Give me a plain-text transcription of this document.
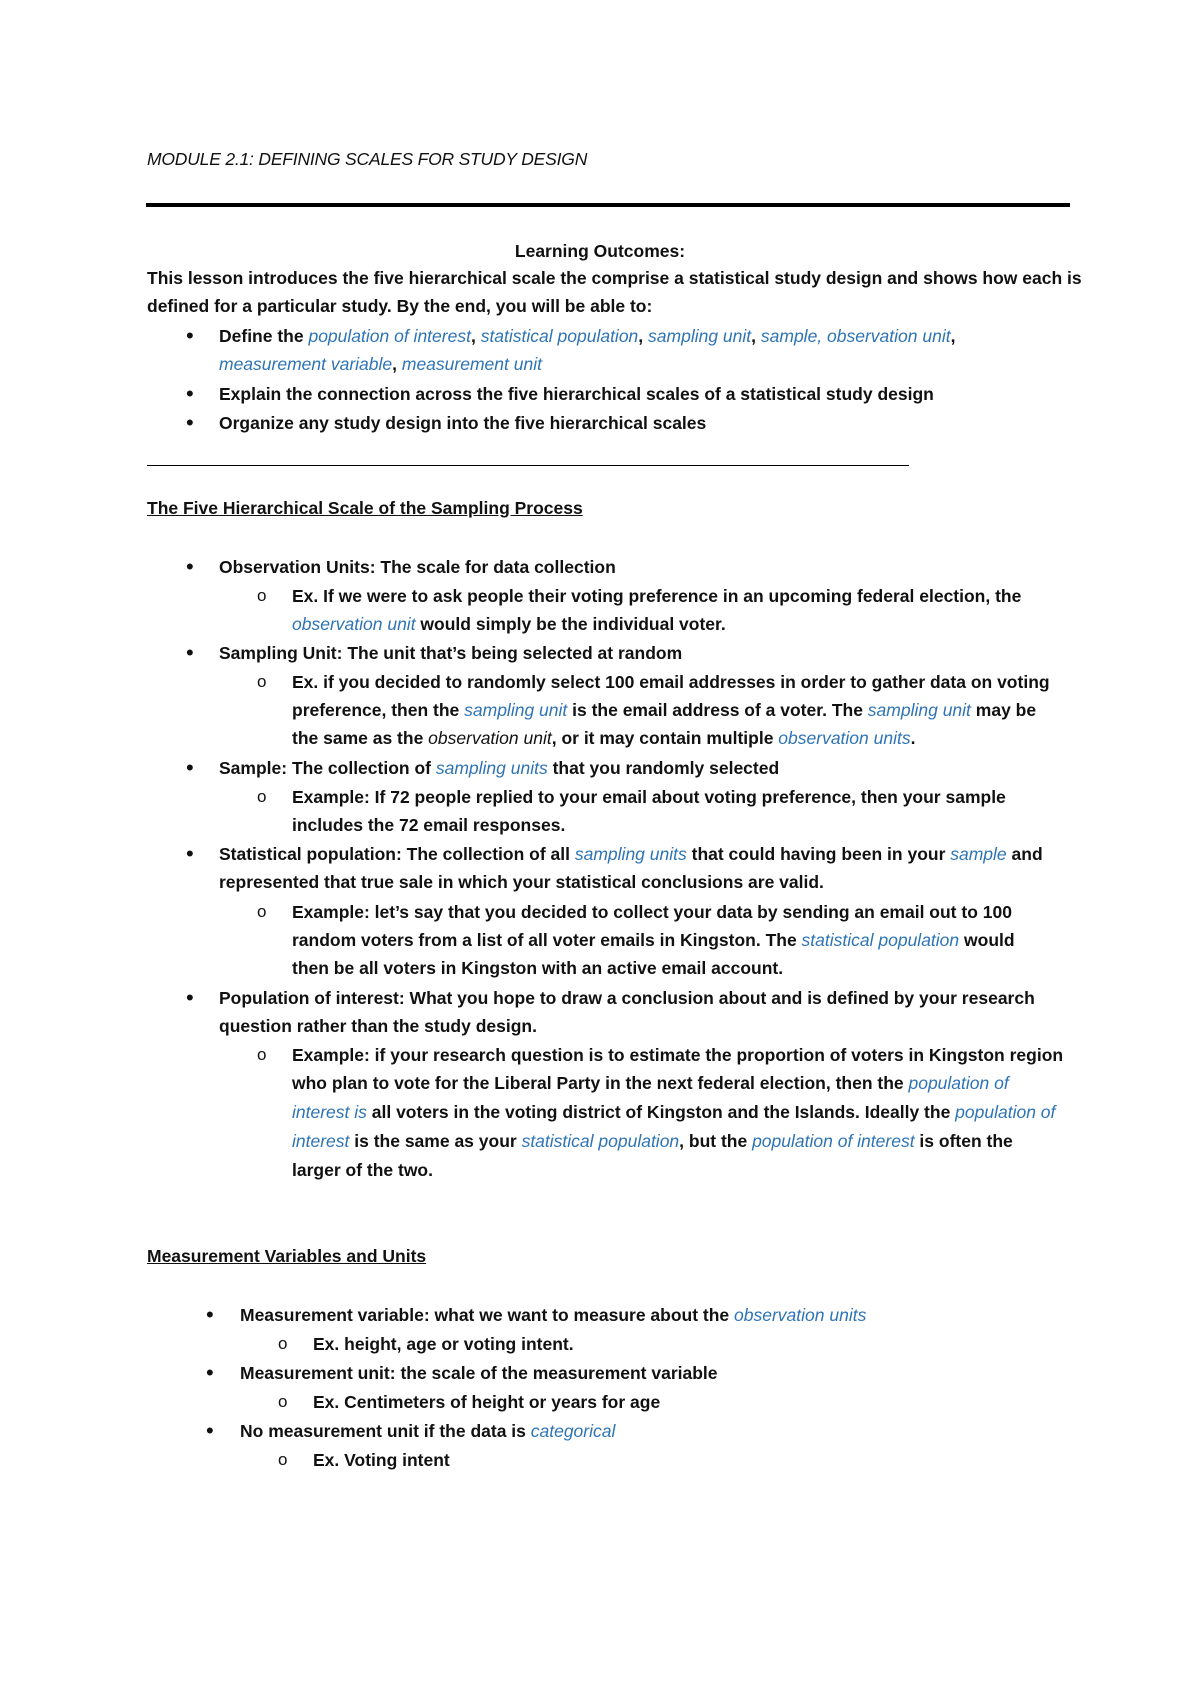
MODULE 2.1: DEFINING SCALES FOR STUDY DESIGN
Learning Outcomes:
This lesson introduces the five hierarchical scale the comprise a statistical study design and shows how each is
defined for a particular study. By the end, you will be able to:
• Define the population of interest, statistical population, sampling unit, sample, observation unit,
measurement variable, measurement unit
• Explain the connection across the five hierarchical scales of a statistical study design
• Organize any study design into the five hierarchical scales
The Five Hierarchical Scale of the Sampling Process
• Observation Units: The scale for data collection
o Ex. If we were to ask people their voting preference in an upcoming federal election, the
observation unit would simply be the individual voter.
• Sampling Unit: The unit that’s being selected at random
o Ex. if you decided to randomly select 100 email addresses in order to gather data on voting
preference, then the sampling unit is the email address of a voter. The sampling unit may be
the same as the observation unit, or it may contain multiple observation units.
• Sample: The collection of sampling units that you randomly selected
o Example: If 72 people replied to your email about voting preference, then your sample
includes the 72 email responses.
• Statistical population: The collection of all sampling units that could having been in your sample and
represented that true sale in which your statistical conclusions are valid.
o Example: let’s say that you decided to collect your data by sending an email out to 100
random voters from a list of all voter emails in Kingston. The statistical population would
then be all voters in Kingston with an active email account.
• Population of interest: What you hope to draw a conclusion about and is defined by your research
question rather than the study design.
o Example: if your research question is to estimate the proportion of voters in Kingston region
who plan to vote for the Liberal Party in the next federal election, then the population of
interest is all voters in the voting district of Kingston and the Islands. Ideally the population of
interest is the same as your statistical population, but the population of interest is often the
larger of the two.
Measurement Variables and Units
• Measurement variable: what we want to measure about the observation units
o Ex. height, age or voting intent.
• Measurement unit: the scale of the measurement variable
o Ex. Centimeters of height or years for age
• No measurement unit if the data is categorical
o Ex. Voting intent
